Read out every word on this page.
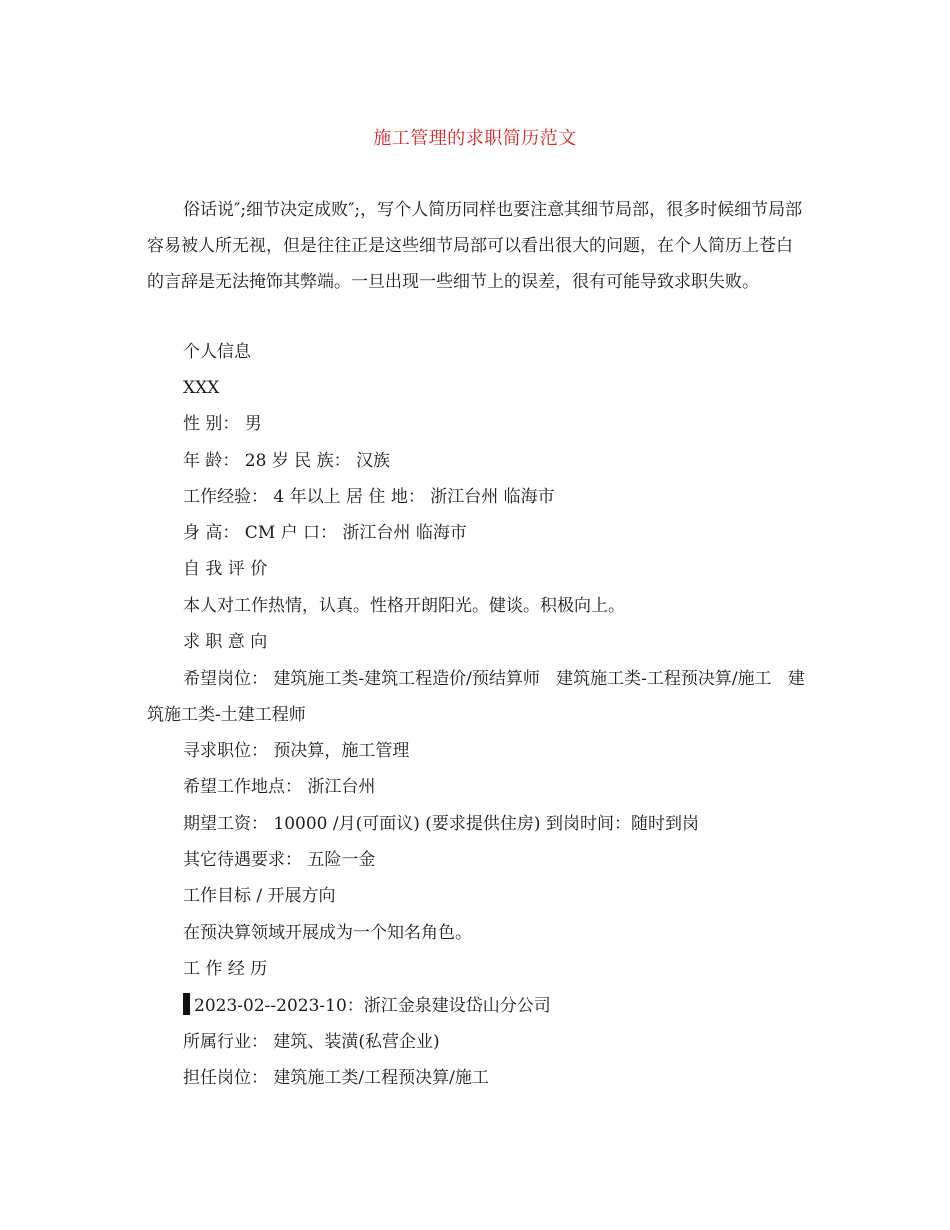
施工管理的求职简历范文

俗话说″;细节决定成败″;，写个人简历同样也要注意其细节局部，很多时候细节局部容易被人所无视，但是往往正是这些细节局部可以看出很大的问题，在个人简历上苍白的言辞是无法掩饰其弊端。一旦出现一些细节上的误差，很有可能导致求职失败。

个人信息

XXX

性 别： 男

年 龄： 28 岁 民 族： 汉族

工作经验： 4 年以上 居 住 地： 浙江台州 临海市

身 高： CM 户 口： 浙江台州 临海市

自 我 评 价

本人对工作热情，认真。性格开朗阳光。健谈。积极向上。

求 职 意 向

希望岗位： 建筑施工类-建筑工程造价/预结算师   建筑施工类-工程预决算/施工   建筑施工类-土建工程师

寻求职位： 预决算，施工管理

希望工作地点： 浙江台州

期望工资： 10000 /月(可面议) (要求提供住房) 到岗时间：随时到岗

其它待遇要求： 五险一金

工作目标 / 开展方向

在预决算领域开展成为一个知名角色。

工 作 经 历

2023-02--2023-10：浙江金泉建设岱山分公司

所属行业： 建筑、装潢(私营企业)

担任岗位： 建筑施工类/工程预决算/施工
